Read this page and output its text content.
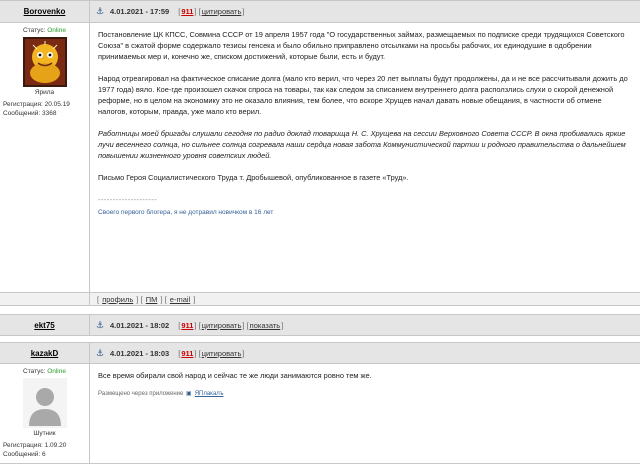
Borovenko	⚓ 4.01.2021 - 17:59 [ 911 ] [ цитировать ]
Статус: Online
Ярила
Регистрация: 20.05.19
Сообщений: 3368

Постановление ЦК КПСС, Совмина СССР от 19 апреля 1957 года "О государственных займах, размещаемых по подписке среди трудящихся Советского Союза" в сжатой форме содержало тезисы генсека и было обильно приправлено отсылками на просьбы рабочих, их единодушие в одобрении принимаемых мер и, конечно же, списком достижений, которые были, есть и будут.

Народ отреагировал на фактическое списание долга (мало кто верил, что через 20 лет выплаты будут продолжены, да и не все рассчитывали дожить до 1977 года) вяло. Кое-где произошел скачок спроса на товары, так как следом за списанием внутреннего долга расползлись слухи о скорой денежной реформе, но в целом на экономику это не оказало влияния, тем более, что вскоре Хрущев начал давать новые обещания, в частности об отмене налогов, которым, правда, уже мало кто верил.

Работницы моей бригады слушали сегодня по радио доклад товарища Н. С. Хрущева на сессии Верховного Совета СССР. В окна пробивались яркие лучи весеннего солнца, но сильнее солнца согревала наши сердца новая забота Коммунистической партии и родного правительства о дальнейшем повышении жизненного уровня советских людей.

Письмо Героя Социалистического Труда т. Дробышевой, опубликованное в газете «Труд».

--------------------
Своего первого блогера, я не дотравил новичком в 16 лет
[ профиль ] [ ПМ ] [ e-mail ]
ekt75	⚓ 4.01.2021 - 18:02 [ 911 ] [ цитировать ] [ показать ]
kazakD	⚓ 4.01.2021 - 18:03 [ 911 ] [ цитировать ]
Статус: Online
Шутник
Регистрация: 1.09.20
Сообщений: 6
Все время обирали свой народ и сейчас те же люди занимаются ровно тем же.
Размещено через приложение ▣ ЯПлакалъ
